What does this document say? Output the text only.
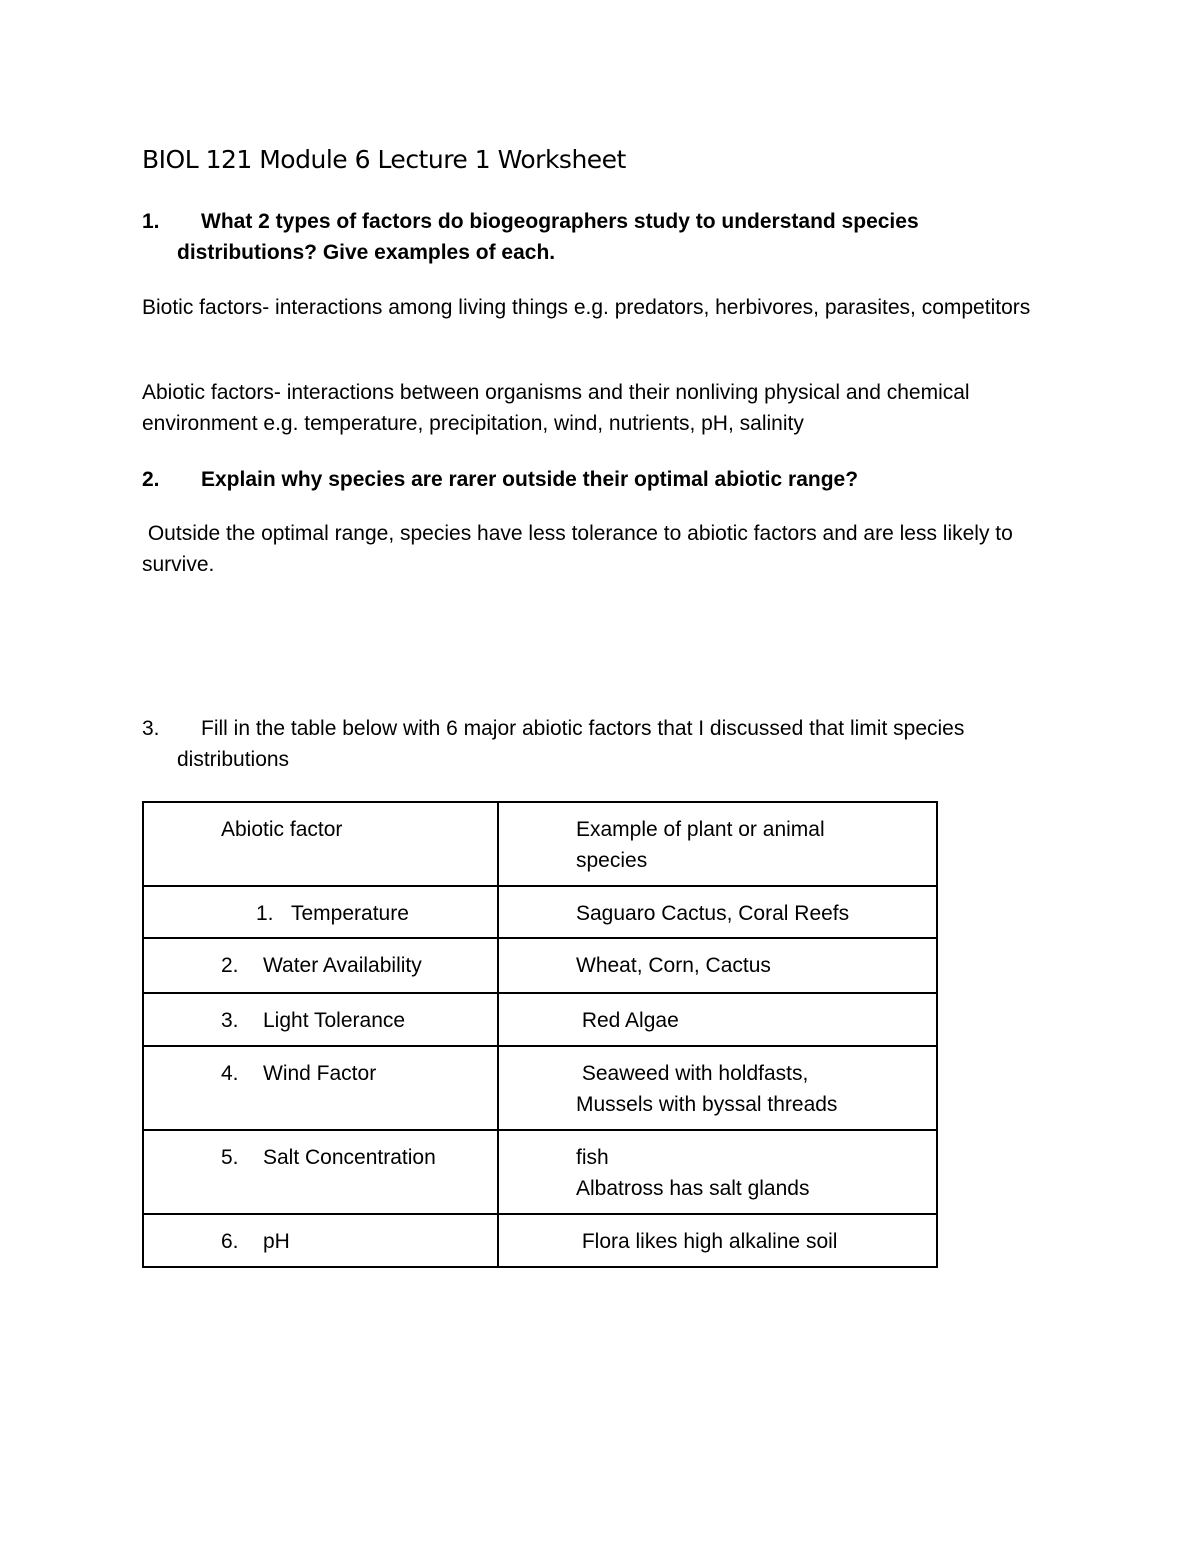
BIOL 121 Module 6 Lecture 1 Worksheet
1.	What 2 types of factors do biogeographers study to understand species
distributions? Give examples of each.
Biotic factors- interactions among living things e.g. predators, herbivores, parasites, competitors
Abiotic factors- interactions between organisms and their nonliving physical and chemical environment e.g. temperature, precipitation, wind, nutrients, pH, salinity
2.	Explain why species are rarer outside their optimal abiotic range?
Outside the optimal range, species have less tolerance to abiotic factors and are less likely to survive.
3.	Fill in the table below with 6 major abiotic factors that I discussed that limit species
distributions
Abiotic factor	Example of plant or animal
species

1. Temperature	Saguaro Cactus, Coral Reefs

2. Water Availability	Wheat, Corn, Cactus

3. Light Tolerance	Red Algae

4. Wind Factor	Seaweed with holdfasts,
Mussels with byssal threads

5. Salt Concentration	fish
Albatross has salt glands

6. pH	Flora likes high alkaline soil
